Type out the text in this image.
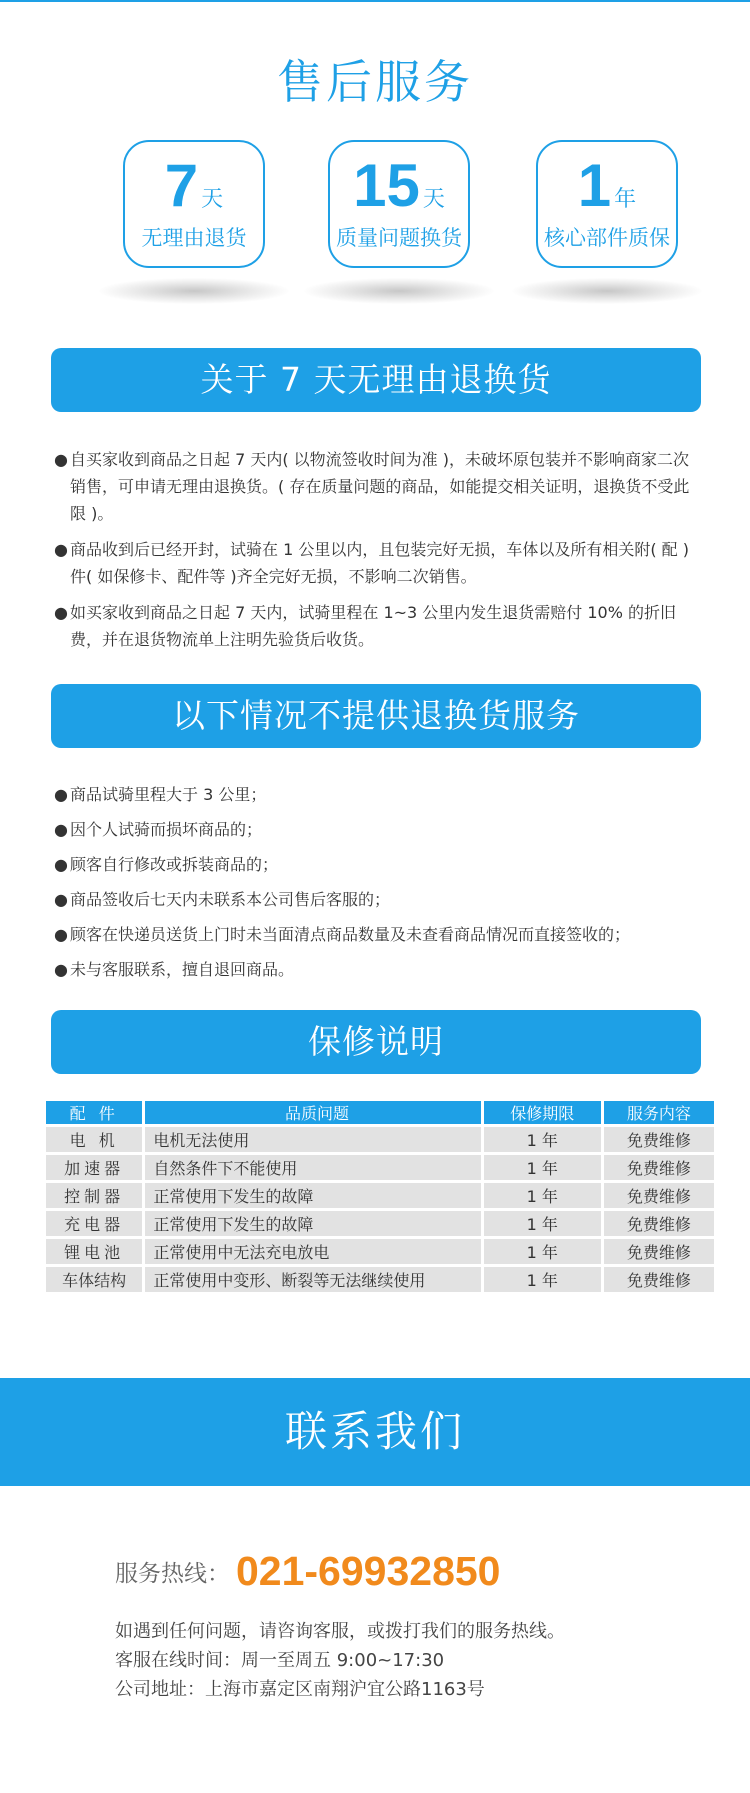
售后服务
7 天
无理由退货
15 天
质量问题换货
1 年
核心部件质保
关于 7 天无理由退换货

● 自买家收到商品之日起 7 天内( 以物流签收时间为准 )，未破坏原包装并不影响商家二次销售，可申请无理由退换货。( 存在质量问题的商品，如能提交相关证明，退换货不受此限 )。

● 商品收到后已经开封，试骑在 1 公里以内，且包装完好无损，车体以及所有相关附( 配 )件( 如保修卡、配件等 )齐全完好无损，不影响二次销售。

● 如买家收到商品之日起 7 天内，试骑里程在 1~3 公里内发生退货需赔付 10% 的折旧费，并在退货物流单上注明先验货后收货。

以下情况不提供退换货服务

● 商品试骑里程大于 3 公里；

● 因个人试骑而损坏商品的；

● 顾客自行修改或拆装商品的；

● 商品签收后七天内未联系本公司售后客服的；

● 顾客在快递员送货上门时未当面清点商品数量及未查看商品情况而直接签收的；

● 未与客服联系，擅自退回商品。

保修说明
配 件	品质问题	保修期限	服务内容
电 机	电机无法使用	1 年	免费维修
加速器	自然条件下不能使用	1 年	免费维修
控制器	正常使用下发生的故障	1 年	免费维修
充电器	正常使用下发生的故障	1 年	免费维修
锂电池	正常使用中无法充电放电	1 年	免费维修
车体结构	正常使用中变形、断裂等无法继续使用	1 年	免费维修
联系我们
服务热线： 021-69932850
如遇到任何问题，请咨询客服，或拨打我们的服务热线。
客服在线时间：周一至周五 9:00~17:30
公司地址：上海市嘉定区南翔沪宜公路1163号
